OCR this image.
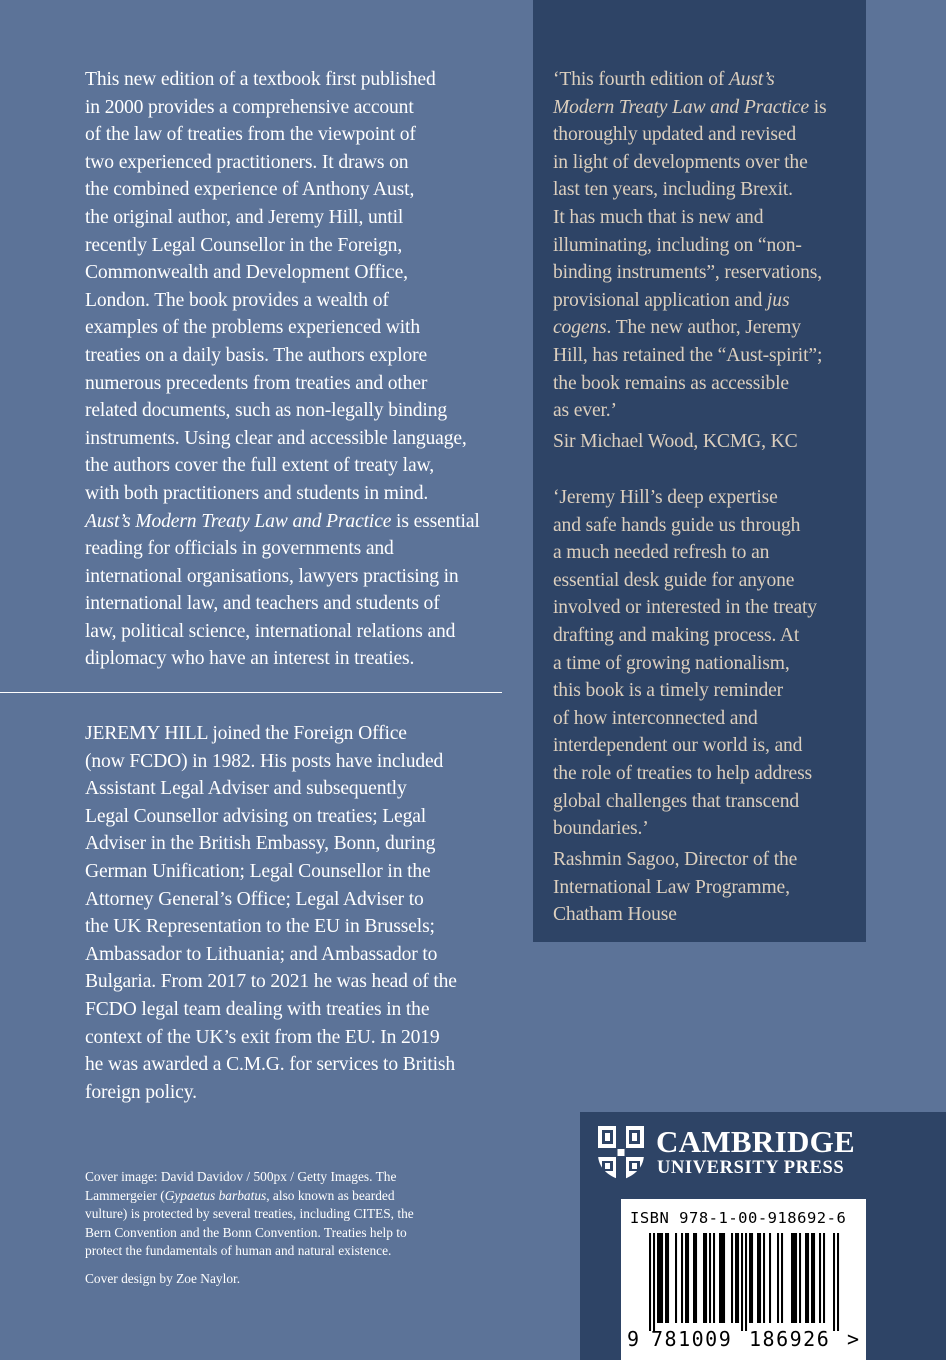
This new edition of a textbook first published
in 2000 provides a comprehensive account
of the law of treaties from the viewpoint of
two experienced practitioners. It draws on
the combined experience of Anthony Aust,
the original author, and Jeremy Hill, until
recently Legal Counsellor in the Foreign,
Commonwealth and Development Office,
London. The book provides a wealth of
examples of the problems experienced with
treaties on a daily basis. The authors explore
numerous precedents from treaties and other
related documents, such as non-legally binding
instruments. Using clear and accessible language,
the authors cover the full extent of treaty law,
with both practitioners and students in mind.
Aust’s Modern Treaty Law and Practice is essential
reading for officials in governments and
international organisations, lawyers practising in
international law, and teachers and students of
law, political science, international relations and
diplomacy who have an interest in treaties.

JEREMY HILL joined the Foreign Office
(now FCDO) in 1982. His posts have included
Assistant Legal Adviser and subsequently
Legal Counsellor advising on treaties; Legal
Adviser in the British Embassy, Bonn, during
German Unification; Legal Counsellor in the
Attorney General’s Office; Legal Adviser to
the UK Representation to the EU in Brussels;
Ambassador to Lithuania; and Ambassador to
Bulgaria. From 2017 to 2021 he was head of the
FCDO legal team dealing with treaties in the
context of the UK’s exit from the EU. In 2019
he was awarded a C.M.G. for services to British
foreign policy.

Cover image: David Davidov / 500px / Getty Images. The
Lammergeier (Gypaetus barbatus, also known as bearded
vulture) is protected by several treaties, including CITES, the
Bern Convention and the Bonn Convention. Treaties help to
protect the fundamentals of human and natural existence.

Cover design by Zoe Naylor.

‘This fourth edition of Aust’s
Modern Treaty Law and Practice is
thoroughly updated and revised
in light of developments over the
last ten years, including Brexit.
It has much that is new and
illuminating, including on “non-
binding instruments”, reservations,
provisional application and jus
cogens. The new author, Jeremy
Hill, has retained the “Aust-spirit”;
the book remains as accessible
as ever.’

Sir Michael Wood, KCMG, KC

‘Jeremy Hill’s deep expertise
and safe hands guide us through
a much needed refresh to an
essential desk guide for anyone
involved or interested in the treaty
drafting and making process. At
a time of growing nationalism,
this book is a timely reminder
of how interconnected and
interdependent our world is, and
the role of treaties to help address
global challenges that transcend
boundaries.’

Rashmin Sagoo, Director of the
International Law Programme,
Chatham House

CAMBRIDGE
UNIVERSITY PRESS
ISBN 978-1-00-918692-6
9 781009 186926 >
